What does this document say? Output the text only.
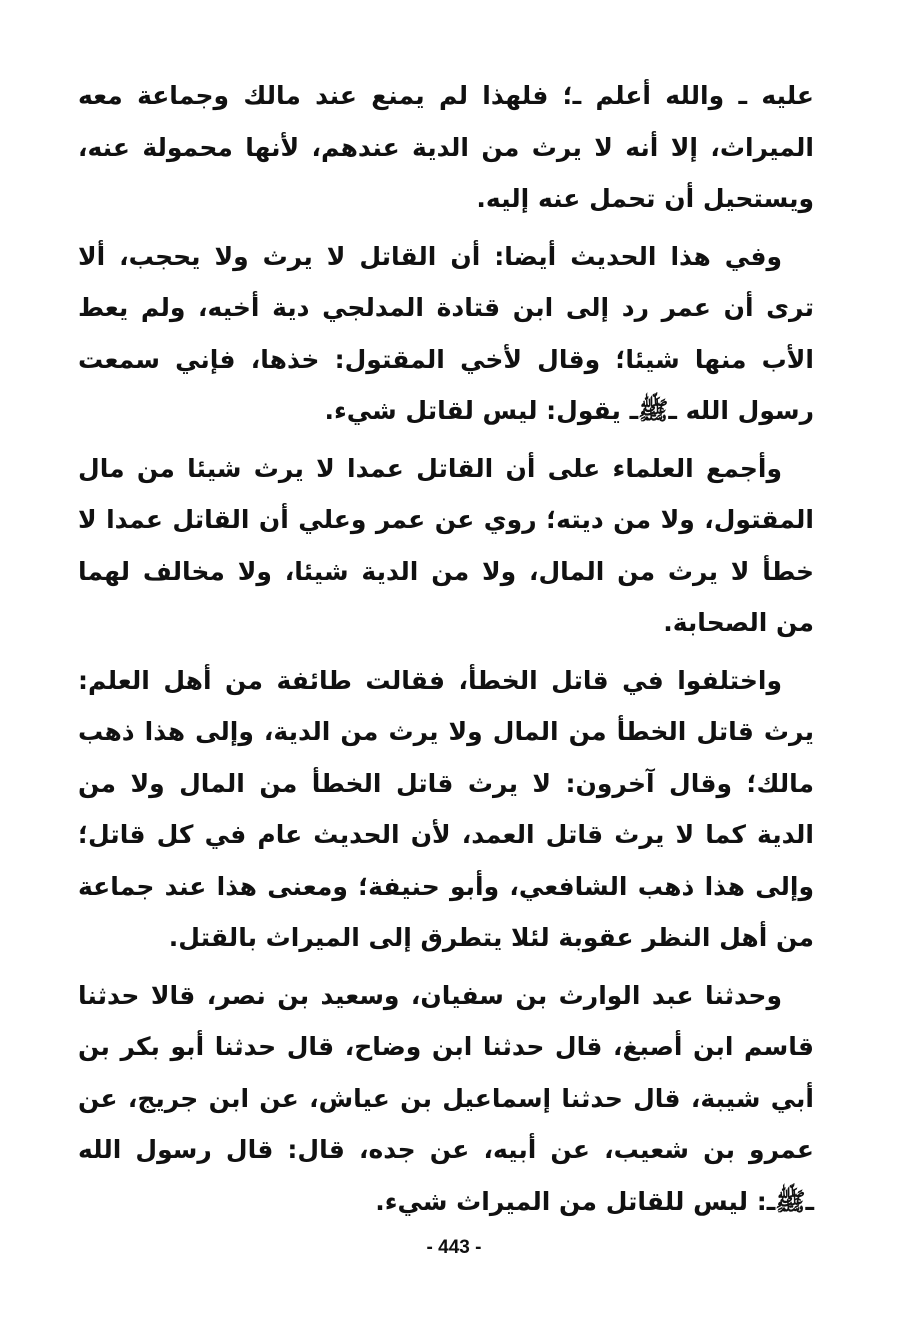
عليه ـ والله أعلم ـ؛ فلهذا لم يمنع عند مالك وجماعة معه الميراث، إلا أنه لا يرث من الدية عندهم، لأنها محمولة عنه، ويستحيل أن تحمل عنه إليه.

وفي هذا الحديث أيضا: أن القاتل لا يرث ولا يحجب، ألا ترى أن عمر رد إلى ابن قتادة المدلجي دية أخيه، ولم يعط الأب منها شيئا؛ وقال لأخي المقتول: خذها، فإني سمعت رسول الله ـﷺـ يقول: ليس لقاتل شيء.

وأجمع العلماء على أن القاتل عمدا لا يرث شيئا من مال المقتول، ولا من ديته؛ روي عن عمر وعلي أن القاتل عمدا لا خطأ لا يرث من المال، ولا من الدية شيئا، ولا مخالف لهما من الصحابة.

واختلفوا في قاتل الخطأ، فقالت طائفة من أهل العلم: يرث قاتل الخطأ من المال ولا يرث من الدية، وإلى هذا ذهب مالك؛ وقال آخرون: لا يرث قاتل الخطأ من المال ولا من الدية كما لا يرث قاتل العمد، لأن الحديث عام في كل قاتل؛ وإلى هذا ذهب الشافعي، وأبو حنيفة؛ ومعنى هذا عند جماعة من أهل النظر عقوبة لئلا يتطرق إلى الميراث بالقتل.

وحدثنا عبد الوارث بن سفيان، وسعيد بن نصر، قالا حدثنا قاسم ابن أصبغ، قال حدثنا ابن وضاح، قال حدثنا أبو بكر بن أبي شيبة، قال حدثنا إسماعيل بن عياش، عن ابن جريج، عن عمرو بن شعيب، عن أبيه، عن جده، قال: قال رسول الله ـﷺـ: ليس للقاتل من الميراث شيء.

- 443 -
